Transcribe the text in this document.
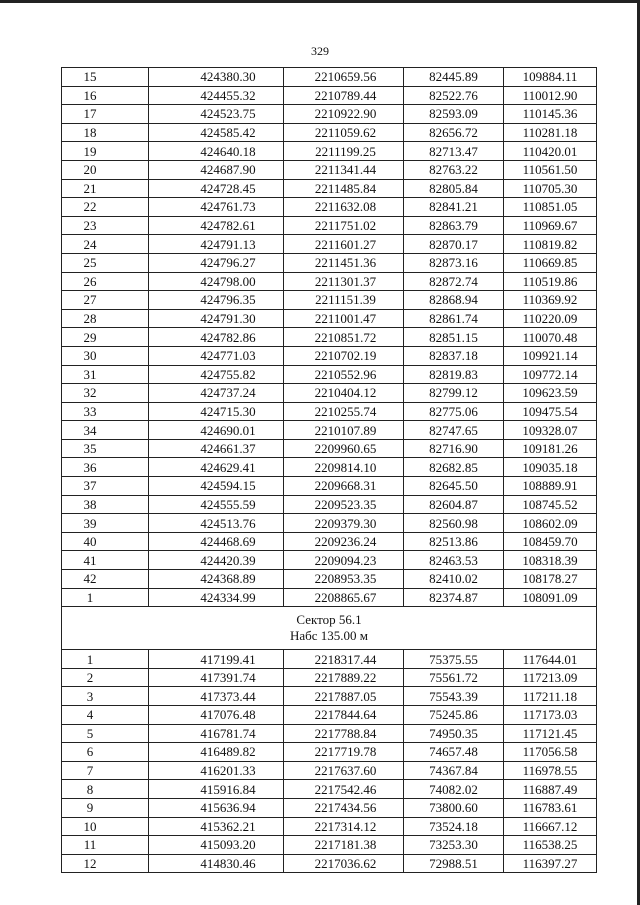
329
15	424380.30	2210659.56	82445.89	109884.11
16	424455.32	2210789.44	82522.76	110012.90
17	424523.75	2210922.90	82593.09	110145.36
18	424585.42	2211059.62	82656.72	110281.18
19	424640.18	2211199.25	82713.47	110420.01
20	424687.90	2211341.44	82763.22	110561.50
21	424728.45	2211485.84	82805.84	110705.30
22	424761.73	2211632.08	82841.21	110851.05
23	424782.61	2211751.02	82863.79	110969.67
24	424791.13	2211601.27	82870.17	110819.82
25	424796.27	2211451.36	82873.16	110669.85
26	424798.00	2211301.37	82872.74	110519.86
27	424796.35	2211151.39	82868.94	110369.92
28	424791.30	2211001.47	82861.74	110220.09
29	424782.86	2210851.72	82851.15	110070.48
30	424771.03	2210702.19	82837.18	109921.14
31	424755.82	2210552.96	82819.83	109772.14
32	424737.24	2210404.12	82799.12	109623.59
33	424715.30	2210255.74	82775.06	109475.54
34	424690.01	2210107.89	82747.65	109328.07
35	424661.37	2209960.65	82716.90	109181.26
36	424629.41	2209814.10	82682.85	109035.18
37	424594.15	2209668.31	82645.50	108889.91
38	424555.59	2209523.35	82604.87	108745.52
39	424513.76	2209379.30	82560.98	108602.09
40	424468.69	2209236.24	82513.86	108459.70
41	424420.39	2209094.23	82463.53	108318.39
42	424368.89	2208953.35	82410.02	108178.27
1	424334.99	2208865.67	82374.87	108091.09

Сектор 56.1
Набс 135.00 м				

1	417199.41	2218317.44	75375.55	117644.01
2	417391.74	2217889.22	75561.72	117213.09
3	417373.44	2217887.05	75543.39	117211.18
4	417076.48	2217844.64	75245.86	117173.03
5	416781.74	2217788.84	74950.35	117121.45
6	416489.82	2217719.78	74657.48	117056.58
7	416201.33	2217637.60	74367.84	116978.55
8	415916.84	2217542.46	74082.02	116887.49
9	415636.94	2217434.56	73800.60	116783.61
10	415362.21	2217314.12	73524.18	116667.12
11	415093.20	2217181.38	73253.30	116538.25
12	414830.46	2217036.62	72988.51	116397.27
